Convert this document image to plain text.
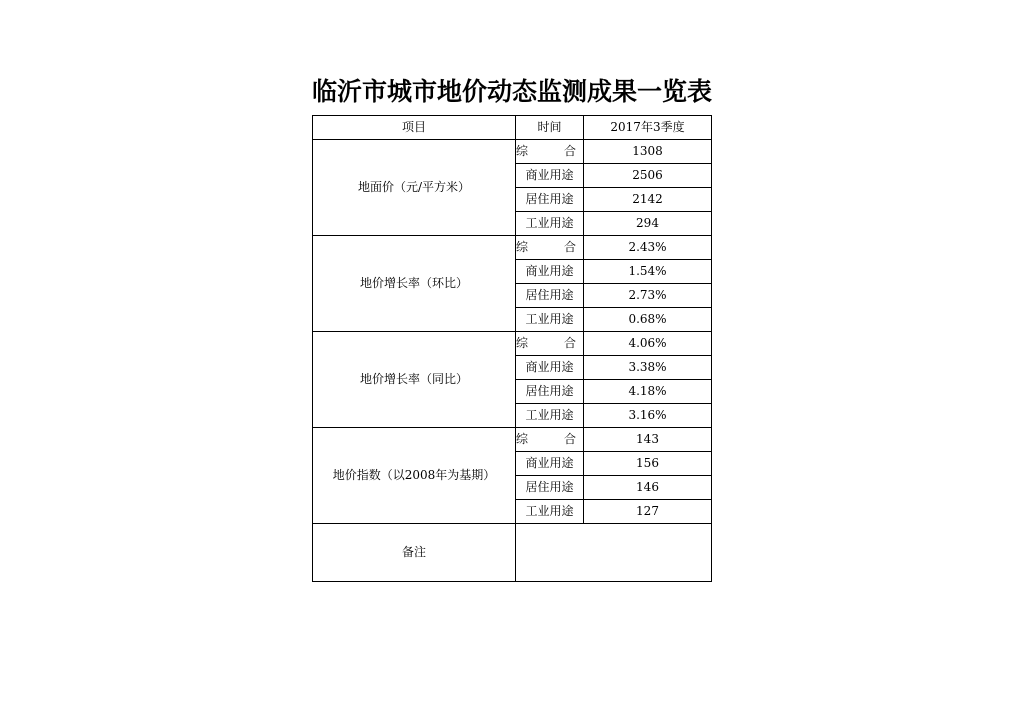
临沂市城市地价动态监测成果一览表
项目	时间	2017年3季度
地面价（元/平方米）	综　　合	1308
	商业用途	2506
	居住用途	2142
	工业用途	294
地价增长率（环比）	综　　合	2.43%
	商业用途	1.54%
	居住用途	2.73%
	工业用途	0.68%
地价增长率（同比）	综　　合	4.06%
	商业用途	3.38%
	居住用途	4.18%
	工业用途	3.16%
地价指数（以2008年为基期）	综　　合	143
	商业用途	156
	居住用途	146
	工业用途	127
备注		
